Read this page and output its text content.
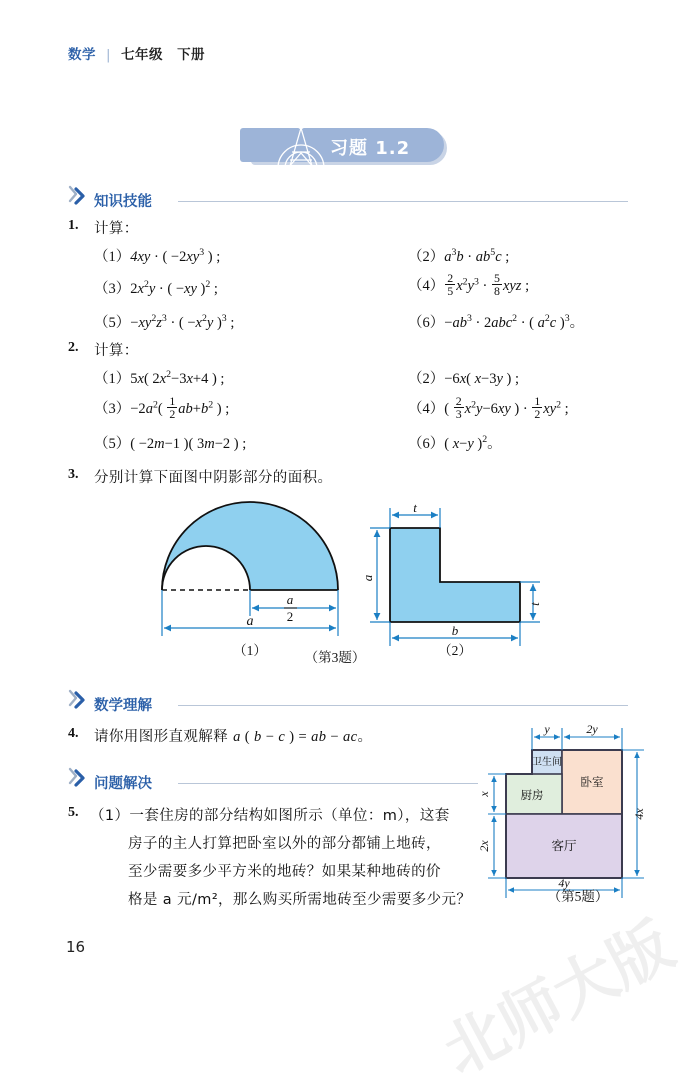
数学 | 七年级 下册
习题 1.2
知识技能
1. 计算：
（1）4xy · ( $-2xy^3$ ) ;	$(2)a^3b \cdot ab^5c$ ;
$(3)2x^2y$ · ( −xy )$^2$ ;	$(4) \frac{2}{5} x^2y^3 \cdot \frac{5}{8}$ xyz ;
$(5)-xy^2z^3$ · ( $-x^2y$ )$^3$ ;	$(6)-ab^3 \cdot 2abc^2$ · ( $a^2c$ )$^3$。
2. 计算：
（1）5x( $2x^2-3x+4$ ) ;	（2）−6x( x−3y ) ;
$(3)-2a^2( \frac{1}{2} ab+b^2$ ) ;	$(4)( \frac{2}{3} x^2y-6xy$ ) · $\frac{1}{2} xy^2$ ;
（5）( −2m−1 )( 3m−2 ) ;	（6）( x−y )$^2$。
3. 分别计算下面图中阴影部分的面积。
a
2
a
（1）
t
a
t
b
（2）
（第3题）
数学理解
4. 请你用图形直观解释 a ( b − c ) = ab − ac。
问题解决
5. （1）一套住房的部分结构如图所示（单位：m），这套
房子的主人打算把卧室以外的部分都铺上地砖，
至少需要多少平方米的地砖？如果某种地砖的价
格是 a 元/m²，那么购买所需地砖至少需要多少元？
卫生间
卧室
厨房
客厅
y	2y
x
2x
4x
4y
（第5题）
16	北师大版
